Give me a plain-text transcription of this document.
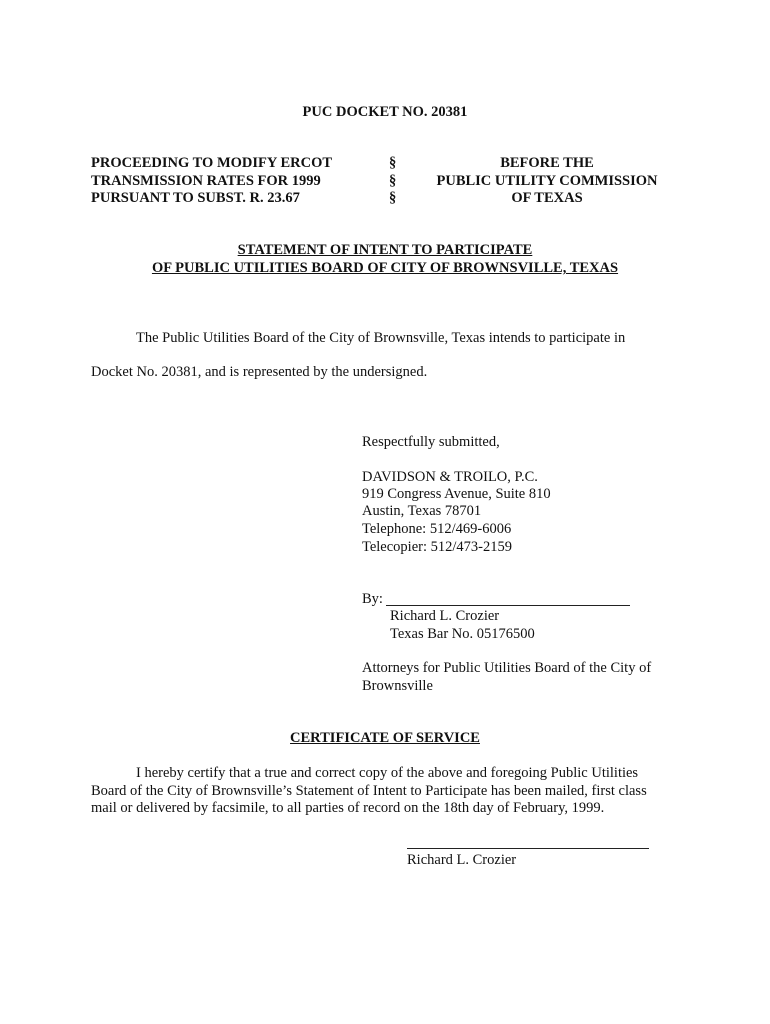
PUC DOCKET NO. 20381
PROCEEDING TO MODIFY ERCOT
TRANSMISSION RATES FOR 1999
PURSUANT TO SUBST. R. 23.67
§
§
§
BEFORE THE
PUBLIC UTILITY COMMISSION
OF TEXAS
STATEMENT OF INTENT TO PARTICIPATE
OF PUBLIC UTILITIES BOARD OF CITY OF BROWNSVILLE, TEXAS
The Public Utilities Board of the City of Brownsville, Texas intends to participate in
Docket No. 20381, and is represented by the undersigned.
Respectfully submitted,
DAVIDSON & TROILO, P.C.
919 Congress Avenue, Suite 810
Austin, Texas 78701
Telephone: 512/469-6006
Telecopier: 512/473-2159
By:
Richard L. Crozier
Texas Bar No. 05176500
Attorneys for Public Utilities Board of the City of
Brownsville
CERTIFICATE OF SERVICE
I hereby certify that a true and correct copy of the above and foregoing Public Utilities
Board of the City of Brownsville’s Statement of Intent to Participate has been mailed, first class
mail or delivered by facsimile, to all parties of record on the 18th day of February, 1999.
Richard L. Crozier
